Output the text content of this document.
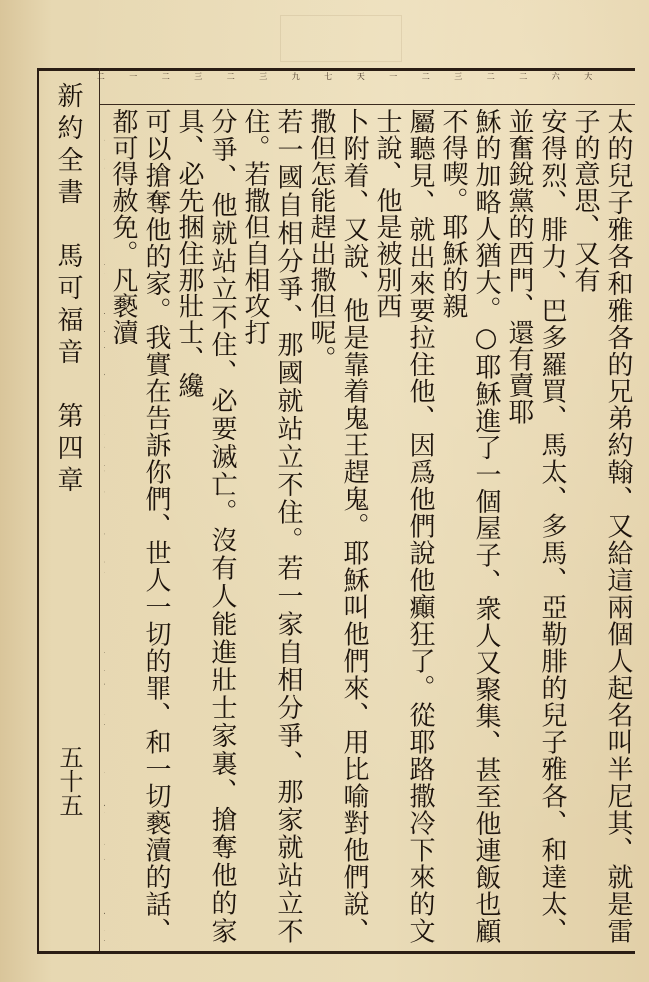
大
六
二
二
三
二
一
天
七
九
三
二
三
二
一
二
新約全書　馬可福音　第四章
五十五	太的兒子雅各和雅各的兄弟約翰、又給這兩個人起名叫半尼其、就是雷子的意思、又有
安得烈、腓力、巴多羅買、馬太、多馬、亞勒腓的兒子雅各、和達太、並奮銳黨的西門、還有賣耶
穌的加略人猶大。○耶穌進了一個屋子、衆人又聚集、甚至他連飯也顧不得喫。耶穌的親
屬聽見、就出來要拉住他、因爲他們說他癲狂了。從耶路撒冷下來的文士說、他是被別西
卜附着、又說、他是靠着鬼王趕鬼。耶穌叫他們來、用比喻對他們說、撒但怎能趕出撒但呢。
若一國自相分爭、那國就站立不住。若一家自相分爭、那家就站立不住。若撒但自相攻打
分爭、他就站立不住、必要滅亡。沒有人能進壯士家裏、搶奪他的家具、必先捆住那壯士、纔
可以搶奪他的家。我實在告訴你們、世人一切的罪、和一切褻瀆的話、都可得赦免。凡褻瀆
